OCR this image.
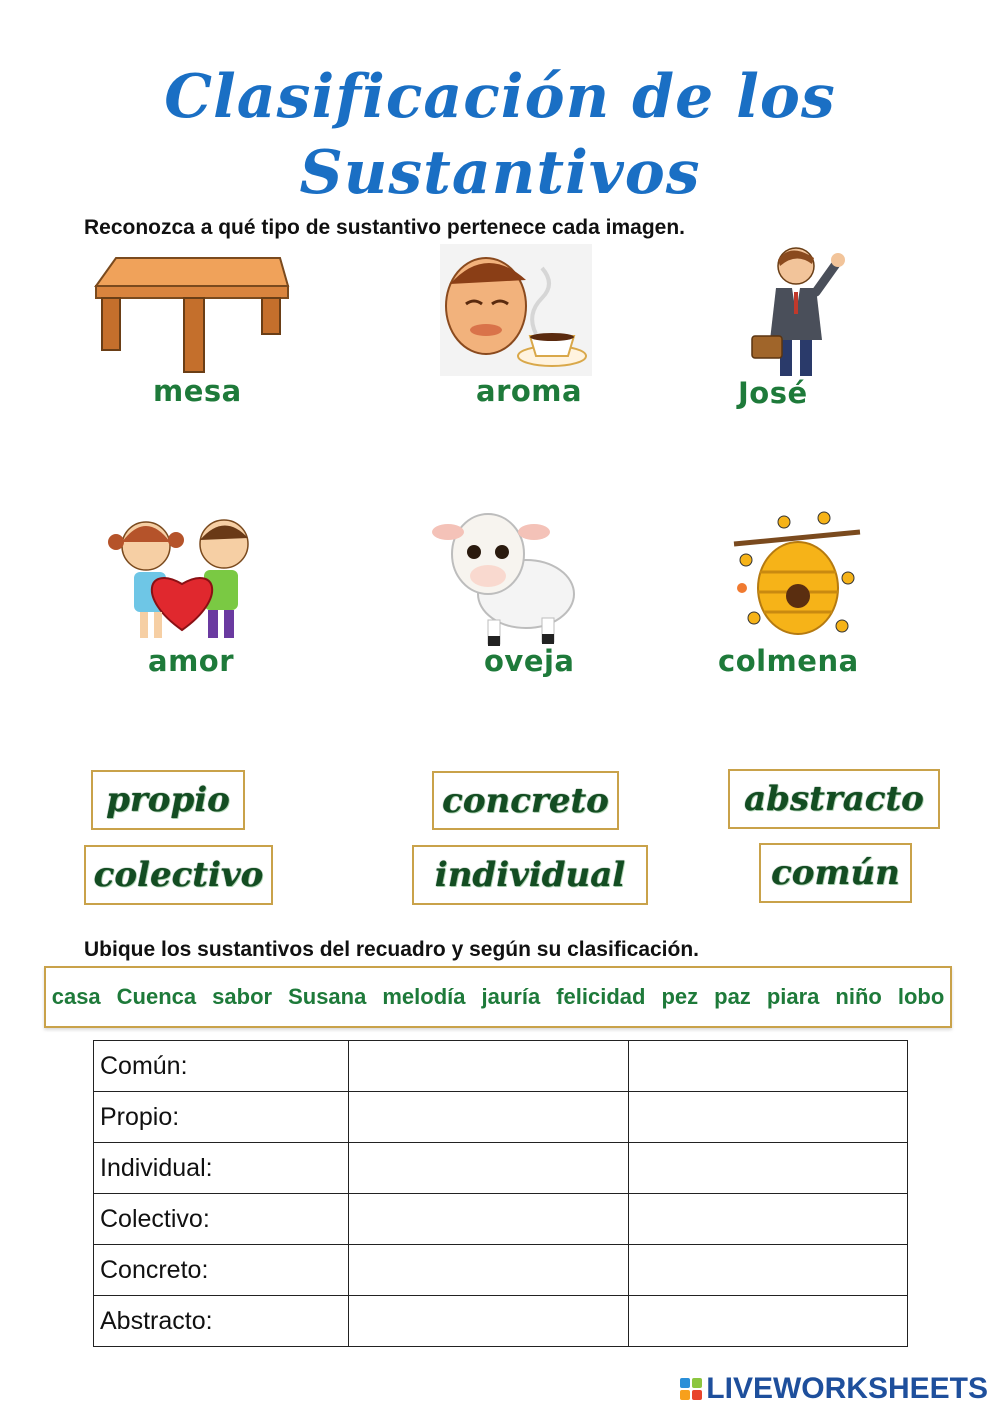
Clasificación de los
Sustantivos
Reconozca a qué tipo de sustantivo pertenece cada imagen.
mesa	aroma	José
amor	oveja	colmena
propio	concreto	abstracto
colectivo	individual	común
Ubique los sustantivos del recuadro y según su clasificación.
casa Cuenca sabor Susana melodía jauría felicidad pez paz piara niño lobo
Común:		
Propio:		
Individual:		
Colectivo:		
Concreto:		
Abstracto:		
LIVEWORKSHEETS
